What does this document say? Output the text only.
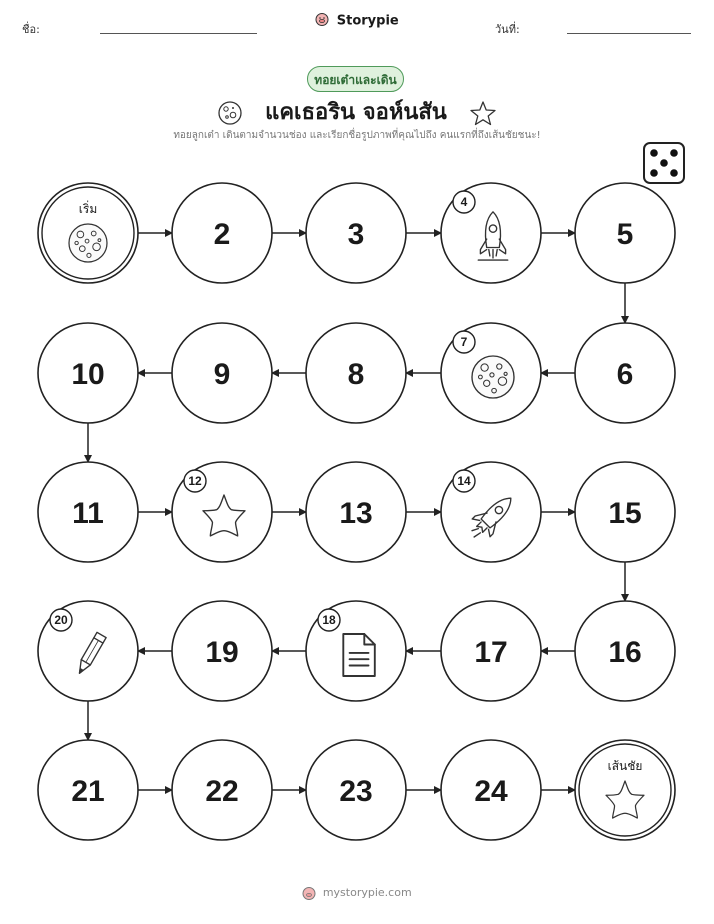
ชื่อ:	วันที่:
Storypie
ทอยเต๋าและเดิน
แคเธอริน จอห์นสัน
ทอยลูกเต๋า เดินตามจำนวนช่อง และเรียกชื่อรูปภาพที่คุณไปถึง คนแรกที่ถึงเส้นชัยชนะ!
เริ่ม
2	3
4
5
6
7
8
9
10
11
12
13
14
15
16
17
18
19
20
21	22	23	24
เส้นชัย
mystorypie.com
